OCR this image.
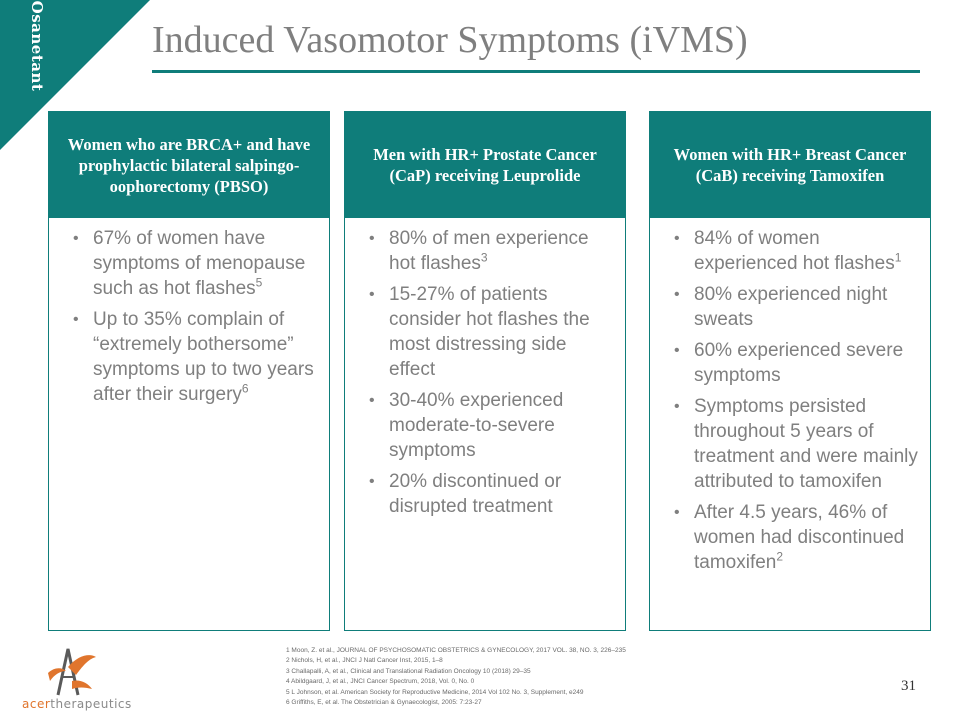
Osanetant	Induced Vasomotor Symptoms (iVMS)
Women who are BRCA+ and have prophylactic bilateral salpingo-oophorectomy (PBSO)
• 67% of women have symptoms of menopause such as hot flashes$^5$
• Up to 35% complain of “extremely bothersome” symptoms up to two years after their surgery$^6$
Men with HR+ Prostate Cancer (CaP) receiving Leuprolide
• 80% of men experience hot flashes$^3$
• 15-27% of patients consider hot flashes the most distressing side effect
• 30-40% experienced moderate-to-severe symptoms
• 20% discontinued or disrupted treatment
Women with HR+ Breast Cancer (CaB) receiving Tamoxifen
• 84% of women experienced hot flashes$^1$
• 80% experienced night sweats
• 60% experienced severe symptoms
• Symptoms persisted throughout 5 years of treatment and were mainly attributed to tamoxifen
• After 4.5 years, 46% of women had discontinued tamoxifen$^2$
1 Moon, Z. et al., JOURNAL OF PSYCHOSOMATIC OBSTETRICS & GYNECOLOGY, 2017 VOL. 38, NO. 3, 226–235
2 Nichols, H, et al., JNCI J Natl Cancer Inst, 2015, 1–8
3 Challapalli, A, et al., Clinical and Translational Radiation Oncology 10 (2018) 29–35
4 Abildgaard, J, et al., JNCI Cancer Spectrum, 2018, Vol. 0, No. 0
5 L Johnson, et al. American Society for Reproductive Medicine, 2014 Vol 102 No. 3, Supplement, e249
6 Griffiths, E, et al. The Obstetrician & Gynaecologist, 2005: 7:23-27
31
acertherapeutics
